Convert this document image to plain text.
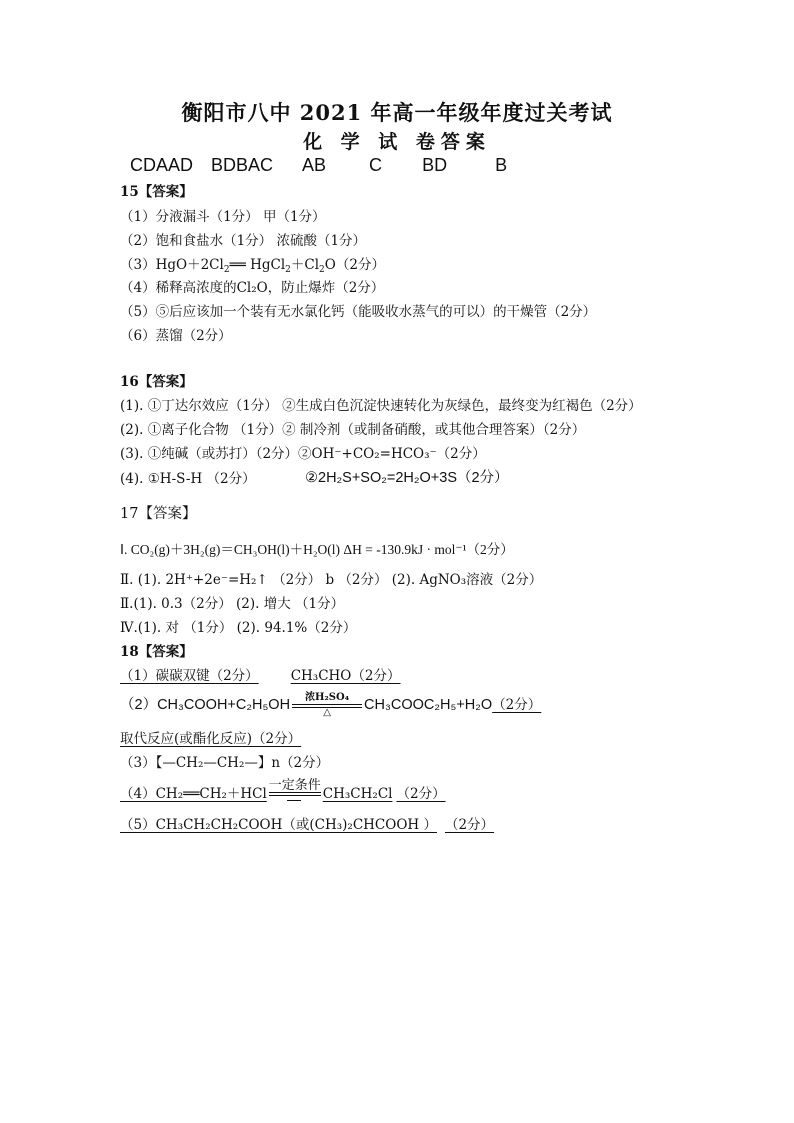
衡阳市八中 2021 年高一年级年度过关考试
化 学 试 卷答案
CDAAD BDBAC AB C BD	B
15【答案】
（1）分液漏斗（1分） 甲（1分）
（2）饱和食盐水（1分） 浓硫酸（1分）
$(3)HgO+2Cl_2══$ $HgCl_2+Cl_2O(2$分）
（4）稀释高浓度的Cl₂O，防止爆炸（2分）
（5）⑤后应该加一个装有无水氯化钙（能吸收水蒸气的可以）的干燥管（2分）
（6）蒸馏（2分）
16【答案】
(1). ①丁达尔效应（1分） ②生成白色沉淀快速转化为灰绿色，最终变为红褐色（2分）
(2). ①离子化合物 （1分）② 制冷剂（或制备硝酸，或其他合理答案）（2分）
(3). ①纯碱（或苏打）（2分）②OH⁻+CO₂=HCO₃⁻（2分）
(4). ①H-S-H （2分）	②2H₂S+SO₂=2H₂O+3S（2分）
17【答案】
Ⅰ. CO₂(g)＋3H₂(g)＝CH₃OH(l)＋H₂O(l) ΔH = -130.9kJ · mol⁻¹（2分）
Ⅱ. (1). 2H⁺+2e⁻=H₂↑ （2分） b （2分） (2). AgNO₃溶液（2分）
Ⅱ.(1). 0.3（2分） (2). 增大 （1分）
Ⅳ.(1). 对 （1分） (2). 94.1%（2分）
18【答案】
（1）碳碳双键（2分） CH₃CHO（2分）
（2）CH₃COOH+C₂H₅OH	浓H₂SO₄
△	CH₃COOC₂H₅+H₂O（2分）
取代反应(或酯化反应)（2分）
（3）【—CH₂—CH₂—】n（2分）
（4）CH₂══CH₂＋HCl
一定条件
CH₃CH₂Cl （2分）
（5）CH₃CH₂CH₂COOH（或(CH₃)₂CHCOOH ） （2分）
